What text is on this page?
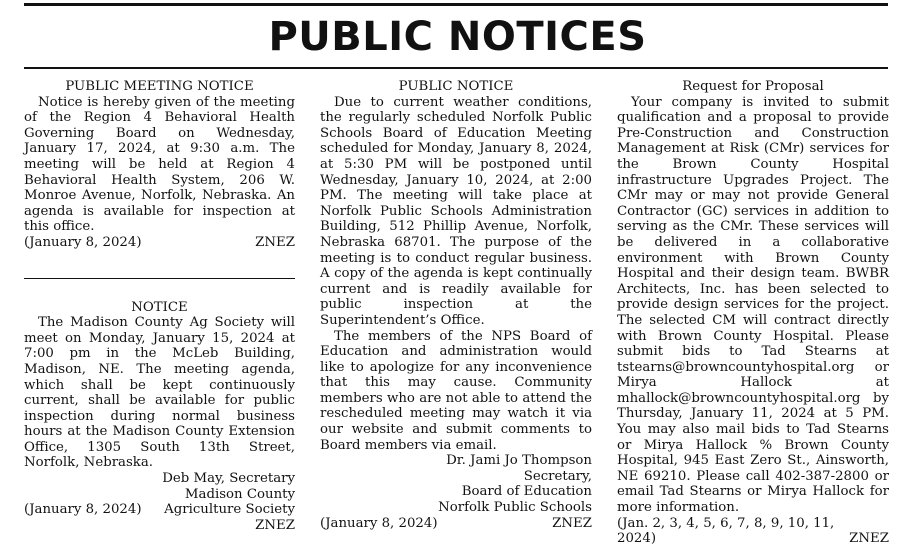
PUBLIC NOTICES

PUBLIC MEETING NOTICE

Notice is hereby given of the meeting of the Region 4 Behavioral Health Governing Board on Wednesday, January 17, 2024, at 9:30 a.m. The meeting will be held at Region 4 Behavioral Health System, 206 W. Monroe Avenue, Norfolk, Nebraska. An agenda is available for inspection at this office.

(January 8, 2024)	ZNEZ

NOTICE

The Madison County Ag Society will meet on Monday, January 15, 2024 at 7:00 pm in the McLeb Building, Madison, NE. The meeting agenda, which shall be kept continuously current, shall be available for public inspection during normal business hours at the Madison County Extension Office, 1305 South 13th Street, Norfolk, Nebraska.

Deb May, Secretary

Madison County

(January 8, 2024) Agriculture Society
ZNEZ

PUBLIC NOTICE

Due to current weather conditions, the regularly scheduled Norfolk Public Schools Board of Education Meeting scheduled for Monday, January 8, 2024, at 5:30 PM will be postponed until Wednesday, January 10, 2024, at 2:00 PM. The meeting will take place at Norfolk Public Schools Administration Building, 512 Phillip Avenue, Norfolk, Nebraska 68701. The purpose of the meeting is to conduct regular business. A copy of the agenda is kept continually current and is readily available for public inspection at the Superintendent’s Office.

The members of the NPS Board of Education and administration would like to apologize for any inconvenience that this may cause. Community members who are not able to attend the rescheduled meeting may watch it via our website and submit comments to Board members via email.

Dr. Jami Jo Thompson

Secretary,

Board of Education

Norfolk Public Schools
(January 8, 2024)	ZNEZ

Request for Proposal

Your company is invited to submit qualification and a proposal to provide Pre-Construction and Construction Management at Risk (CMr) services for the Brown County Hospital infrastructure Upgrades Project. The CMr may or may not provide General Contractor (GC) services in addition to serving as the CMr. These services will be delivered in a collaborative environment with Brown County Hospital and their design team. BWBR Architects, Inc. has been selected to provide design services for the project. The selected CM will contract directly with Brown County Hospital. Please submit bids to Tad Stearns at tstearns@browncountyhospital.org or Mirya Hallock at mhallock@browncountyhospital.org by Thursday, January 11, 2024 at 5 PM. You may also mail bids to Tad Stearns or Mirya Hallock % Brown County Hospital, 945 East Zero St., Ainsworth, NE 69210. Please call 402-387-2800 or email Tad Stearns or Mirya Hallock for more information.

(Jan. 2, 3, 4, 5, 6, 7, 8, 9, 10, 11,

2024)	ZNEZ
